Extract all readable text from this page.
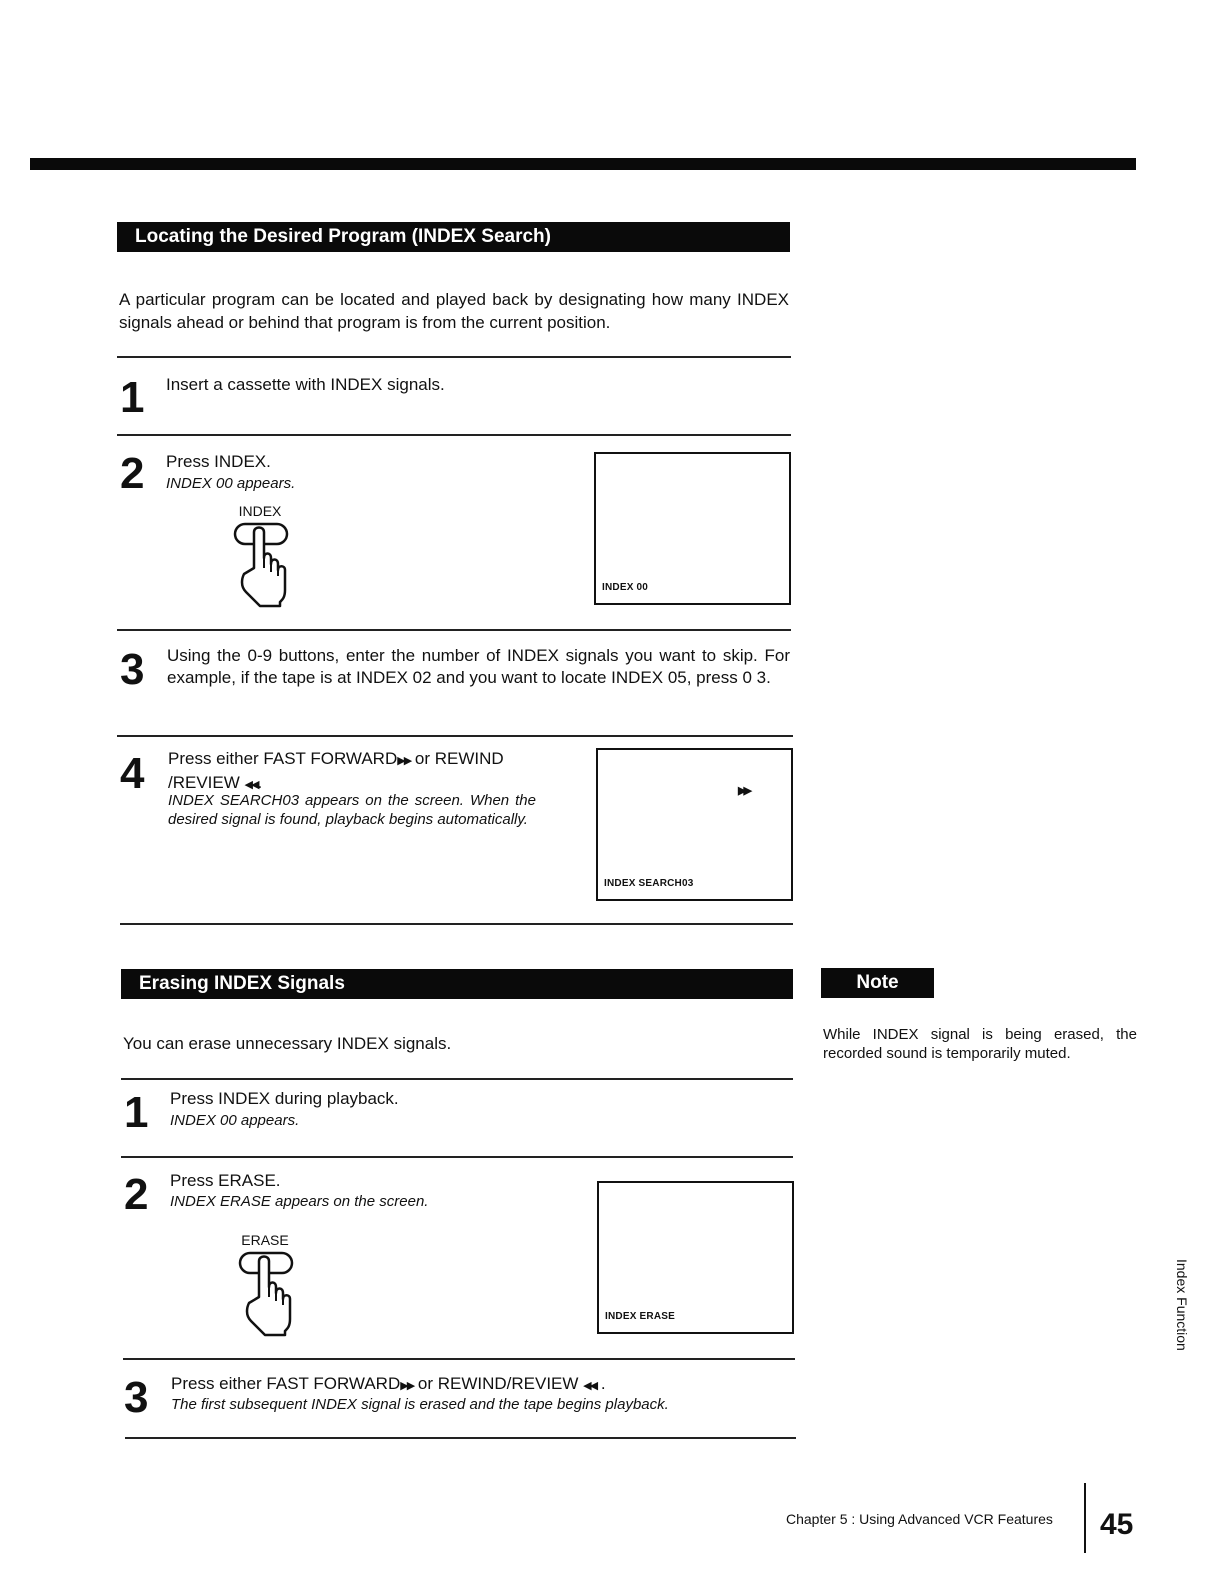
Locating the Desired Program (INDEX Search)
A particular program can be located and played back by designating how many INDEX signals ahead or behind that program is from the current position.
1 Insert a cassette with INDEX signals.
2 Press INDEX.
INDEX 00 appears.
INDEX
INDEX 00
3 Using the 0-9 buttons, enter the number of INDEX signals you want to skip. For example, if the tape is at INDEX 02 and you want to locate INDEX 05, press 0 3.
4 Press either FAST FORWARD▶▶ or REWIND /REVIEW ◀◀.
INDEX SEARCH03 appears on the screen. When the desired signal is found, playback begins automatically.
▶▶
INDEX SEARCH03
Erasing INDEX Signals	Note
While INDEX signal is being erased, the recorded sound is temporarily muted.
You can erase unnecessary INDEX signals.
1 Press INDEX during playback.
INDEX 00 appears.
2 Press ERASE.
INDEX ERASE appears on the screen.
ERASE
INDEX ERASE
3 Press either FAST FORWARD▶▶ or REWIND/REVIEW ◀◀ .
The first subsequent INDEX signal is erased and the tape begins playback.
Index Function
Chapter 5 : Using Advanced VCR Features 45
